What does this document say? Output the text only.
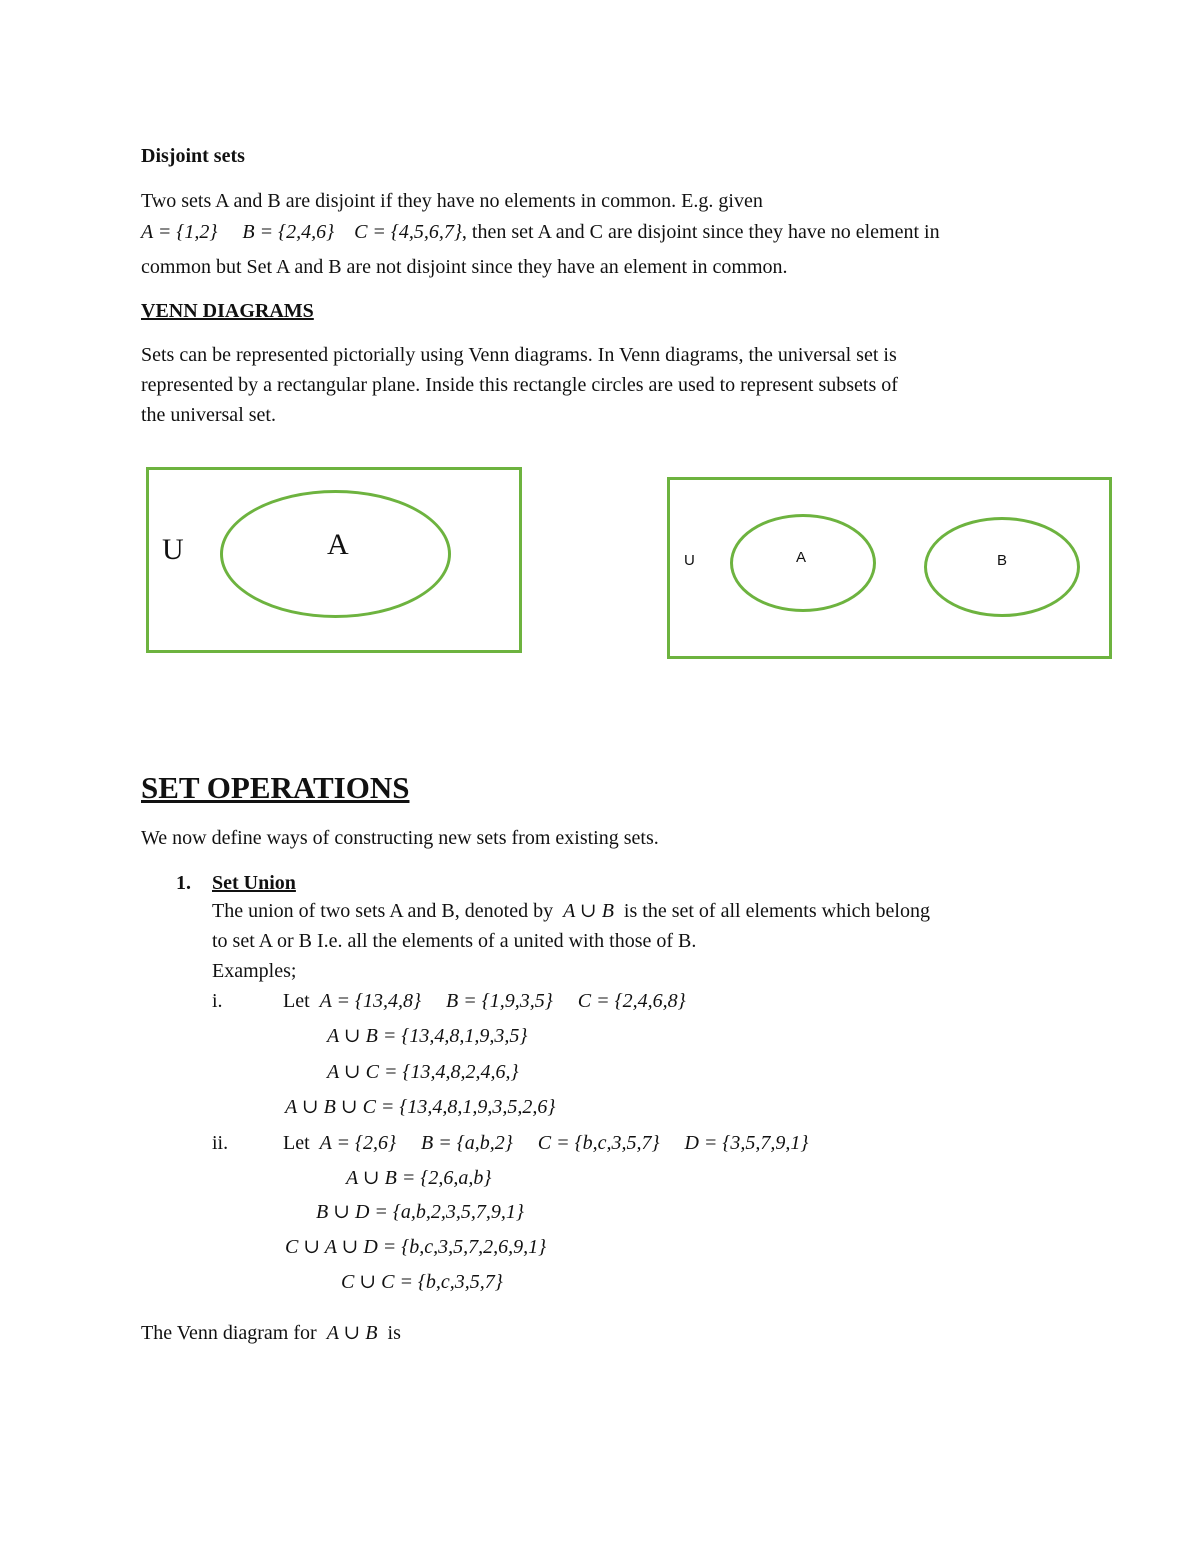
Disjoint sets
Two sets A and B are disjoint if they have no elements in common. E.g. given
A = {1,2} B = {2,4,6} C = {4,5,6,7}, then set A and C are disjoint since they have no element in
common but Set A and B are not disjoint since they have an element in common.
VENN DIAGRAMS
Sets can be represented pictorially using Venn diagrams. In Venn diagrams, the universal set is
represented by a rectangular plane. Inside this rectangle circles are used to represent subsets of
the universal set.
U	A	U	A	B
SET OPERATIONS
We now define ways of constructing new sets from existing sets.
1. Set Union
The union of two sets A and B, denoted by A ∪ B is the set of all elements which belong
to set A or B I.e. all the elements of a united with those of B.
Examples;
i.	Let A = {13,4,8} B = {1,9,3,5} C = {2,4,6,8}
A ∪ B = {13,4,8,1,9,3,5}
A ∪ C = {13,4,8,2,4,6,}
A ∪ B ∪ C = {13,4,8,1,9,3,5,2,6}
ii.	Let A = {2,6} B = {a,b,2} C = {b,c,3,5,7} D = {3,5,7,9,1}
A ∪ B = {2,6,a,b}
B ∪ D = {a,b,2,3,5,7,9,1}
C ∪ A ∪ D = {b,c,3,5,7,2,6,9,1}
C ∪ C = {b,c,3,5,7}
The Venn diagram for A ∪ B is
